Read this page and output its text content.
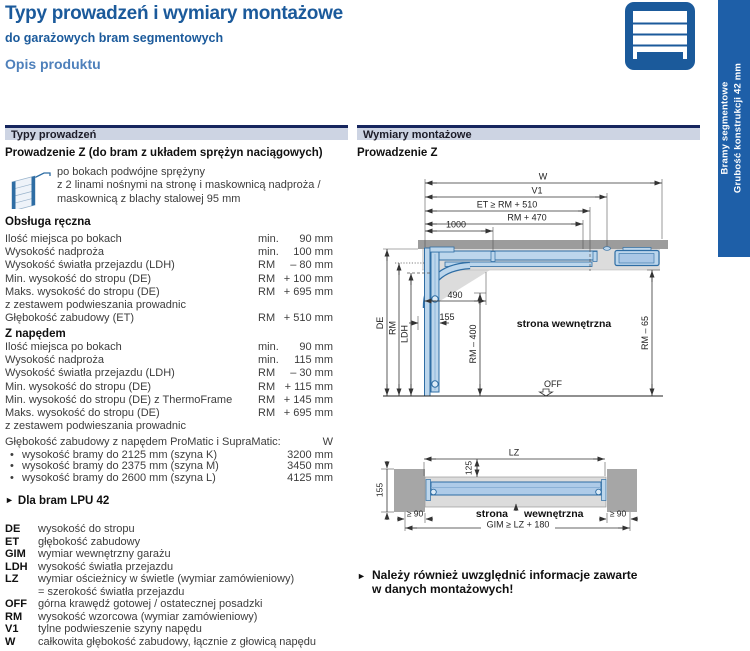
Typy prowadzeń i wymiary montażowe
do garażowych bram segmentowych
Opis produktu
Bramy segmentowe Grubość konstrukcji 42 mm
Typy prowadzeń
Prowadzenie Z (do bram z układem sprężyn naciągowych)
po bokach podwójne sprężyny
z 2 linami nośnymi na stronę i maskownicą nadproża /
maskownicą z blachy stalowej 95 mm
Obsługa ręczna
Ilość miejsca po bokach	min. 90 mm
Wysokość nadproża	min. 100 mm
Wysokość światła przejazdu (LDH)	RM – 80 mm
Min. wysokość do stropu (DE)	RM + 100 mm
Maks. wysokość do stropu (DE)	RM + 695 mm
z zestawem podwieszania prowadnic
Głębokość zabudowy (ET)	RM + 510 mm
Z napędem
Ilość miejsca po bokach	min. 90 mm
Wysokość nadproża	min. 115 mm
Wysokość światła przejazdu (LDH)	RM – 30 mm
Min. wysokość do stropu (DE)	RM + 115 mm
Min. wysokość do stropu (DE) z ThermoFrame RM + 145 mm
Maks. wysokość do stropu (DE)	RM + 695 mm
z zestawem podwieszania prowadnic
Głębokość zabudowy z napędem ProMatic i SupraMatic:	W
• wysokość bramy do 2125 mm (szyna K)	3200 mm
• wysokość bramy do 2375 mm (szyna M)	3450 mm
• wysokość bramy do 2600 mm (szyna L)	4125 mm
► Dla bram LPU 42
DE wysokość do stropu
ET głębokość zabudowy
GIM wymiar wewnętrzny garażu
LDH wysokość światła przejazdu
LZ wymiar ościeżnicy w świetle (wymiar zamówieniowy)
= szerokość światła przejazdu
OFF górna krawędź gotowej / ostatecznej posadzki
RM wysokość wzorcowa (wymiar zamówieniowy)
V1 tylne podwieszenie szyny napędu
W całkowita głębokość zabudowy, łącznie z głowicą napędu
Wymiary montażowe
Prowadzenie Z
W
V1
ET ≥ RM + 510
RM + 470
1000
DE RM LDH	RM – 400	RM – 65
490
155
strona wewnętrzna
OFF
LZ
125
155
strona wewnętrzna
≥ 90	≥ 90
GIM ≥ LZ + 180
► Należy również uwzględnić informacje zawarte
w danych montażowych!
